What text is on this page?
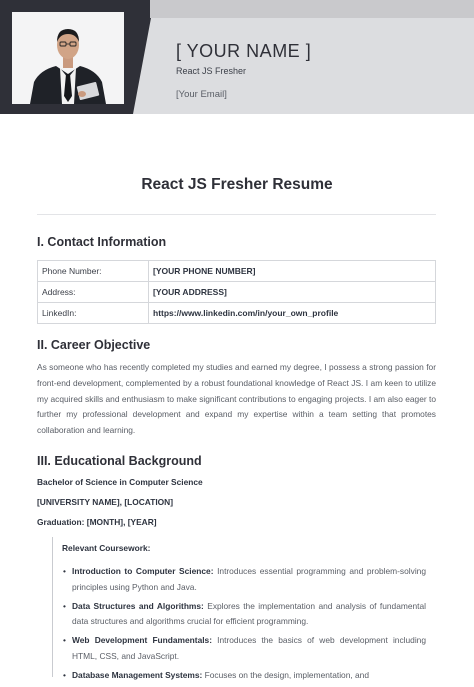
[ YOUR NAME ]
React JS Fresher
[Your Email]
React JS Fresher Resume
I. Contact Information
Phone Number:	[YOUR PHONE NUMBER]
Address:	[YOUR ADDRESS]
LinkedIn:	https://www.linkedin.com/in/your_own_profile
II. Career Objective

As someone who has recently completed my studies and earned my degree, I possess a strong passion for front-end development, complemented by a robust foundational knowledge of React JS. I am keen to utilize my acquired skills and enthusiasm to make significant contributions to engaging projects. I am also eager to further my professional development and expand my expertise within a team setting that promotes collaboration and learning.

III. Educational Background
Bachelor of Science in Computer Science
[UNIVERSITY NAME], [LOCATION]
Graduation: [MONTH], [YEAR]
Relevant Coursework:
• Introduction to Computer Science: Introduces essential programming and problem-solving principles using Python and Java.
• Data Structures and Algorithms: Explores the implementation and analysis of fundamental data structures and algorithms crucial for efficient programming.
• Web Development Fundamentals: Introduces the basics of web development including HTML, CSS, and JavaScript.
• Database Management Systems: Focuses on the design, implementation, and
